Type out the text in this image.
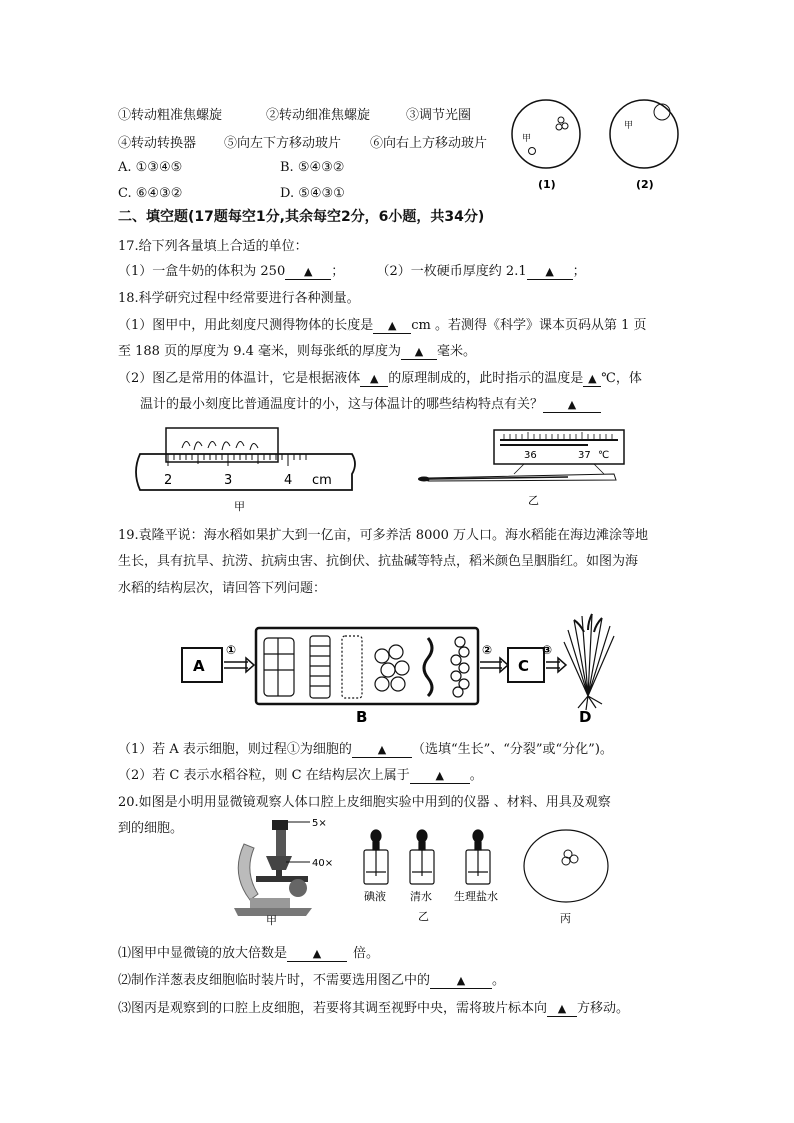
①转动粗准焦螺旋	②转动细准焦螺旋	③调节光圈
④转动转换器 ⑤向左下方移动玻片 ⑥向右上方移动玻片
A. ①③④⑤	B. ⑤④③②
C. ⑥④③②	D. ⑤④③①
甲
(1)
甲
(2)
二、填空题(17题每空1分,其余每空2分，6小题，共34分)
17.给下列各量填上合适的单位：
（1）一盒牛奶的体积为 250 ▲ ； （2）一枚硬币厚度约 2.1 ▲ ；
18.科学研究过程中经常要进行各种测量。
（1）图甲中，用此刻度尺测得物体的长度是 ▲ cm 。若测得《科学》课本页码从第 1 页
至 188 页的厚度为 9.4 毫米，则每张纸的厚度为 ▲ 毫米。
（2）图乙是常用的体温计，它是根据液体 ▲ 的原理制成的，此时指示的温度是 ▲ ℃，体
温计的最小刻度比普通温度计的小，这与体温计的哪些结构特点有关？ ▲
2	3	4 cm
甲
36	37 ℃
乙
19.袁隆平说：海水稻如果扩大到一亿亩，可多养活 8000 万人口。海水稻能在海边滩涂等地
生长，具有抗旱、抗涝、抗病虫害、抗倒伏、抗盐碱等特点，稻米颜色呈胭脂红。如图为海
水稻的结构层次，请回答下列问题：
A
①
B
②
C
③
D
（1）若 A 表示细胞，则过程①为细胞的 ▲ （选填“生长”、“分裂”或“分化”)。
（2）若 C 表示水稻谷粒，则 C 在结构层次上属于 ▲ 。
20.如图是小明用显微镜观察人体口腔上皮细胞实验中用到的仪器 、材料、用具及观察
到的细胞。	5×
40×
甲
碘液 清水 生理盐水
乙	丙
⑴图甲中显微镜的放大倍数是 ▲ 倍。
⑵制作洋葱表皮细胞临时装片时，不需要选用图乙中的 ▲ 。
⑶图丙是观察到的口腔上皮细胞，若要将其调至视野中央，需将玻片标本向 ▲ 方移动。
